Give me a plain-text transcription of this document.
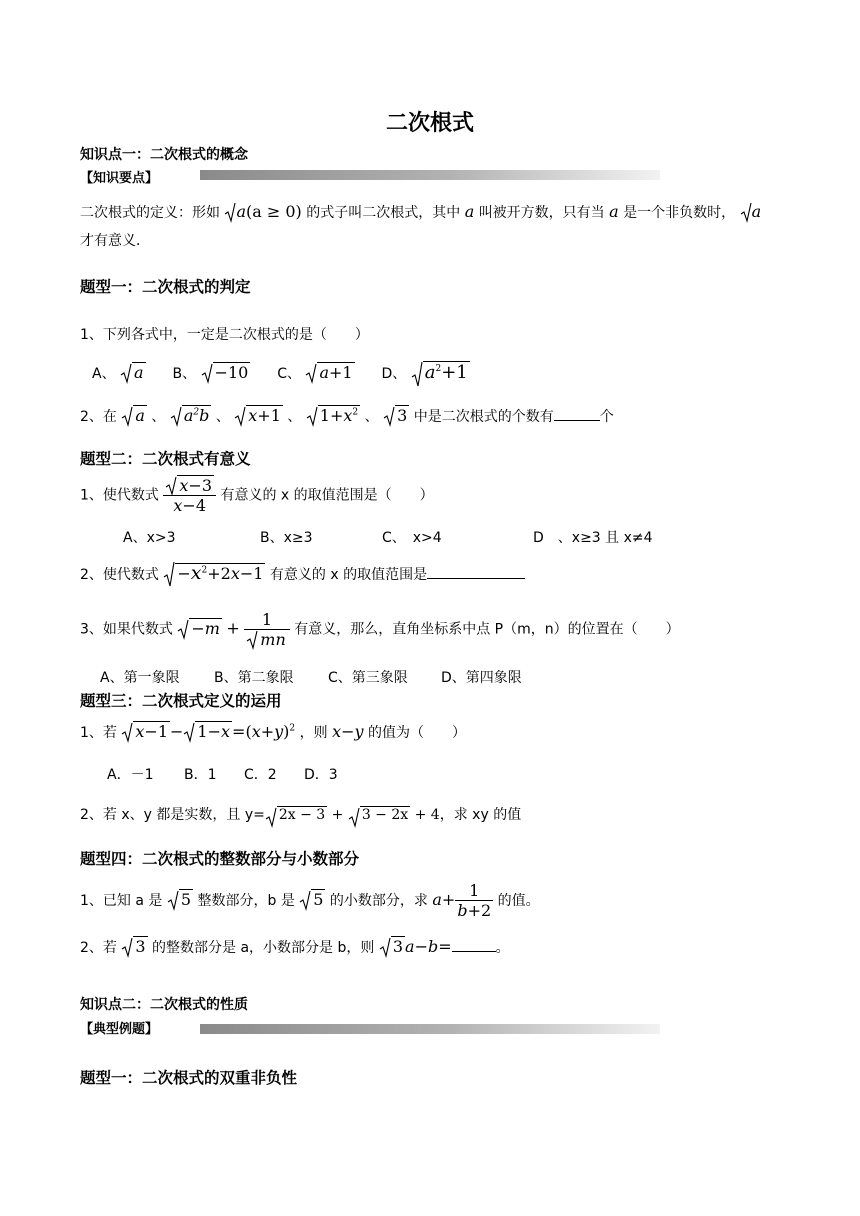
二次根式
知识点一：二次根式的概念
【知识要点】
二次根式的定义：形如 a(a ≥ 0) 的式子叫二次根式，其中 a 叫被开方数，只有当 a 是一个非负数时， a
才有意义．
题型一：二次根式的判定
1、下列各式中，一定是二次根式的是（　　）
A、 a B、 −10 C、 a+1 D、 $a^2+1$
2、在 a 、 $a^2b$ 、 x+1 、 $1+x^2$ 、 3 中是二次根式的个数有	个
题型二：二次根式有意义
1、使代数式 $\frac{x-3}{x-4}$ 有意义的 x 的取值范围是（　　）
A、x>3	B、x≥3	C、　x>4	D　、x≥3 且 x≠4
2、使代数式 $-x^2+2x-1$ 有意义的 x 的取值范围是
3、如果代数式 $-m + \frac{1}{mn}$ 有意义，那么，直角坐标系中点 P（m，n）的位置在（　　）
A、第一象限 B、第二象限 C、第三象限 D、第四象限
题型三：二次根式定义的运用
1、若 $x-1 - 1-x =(x+y)^2$ ，则 x−y 的值为（　　）
A．－1 B．1 C．2 D．3
2、若 x、y 都是实数，且 y= 2x − 3 +
3 − 2x + 4，求 xy 的值
题型四：二次根式的整数部分与小数部分
1、已知 a 是 5 整数部分，b 是 5 的小数部分，求 $a+ \frac{1}{b+2}$ 的值。
2、若 3 的整数部分是 a，小数部分是 b，则 3 a−b=	。
知识点二：二次根式的性质
【典型例题】
题型一：二次根式的双重非负性
